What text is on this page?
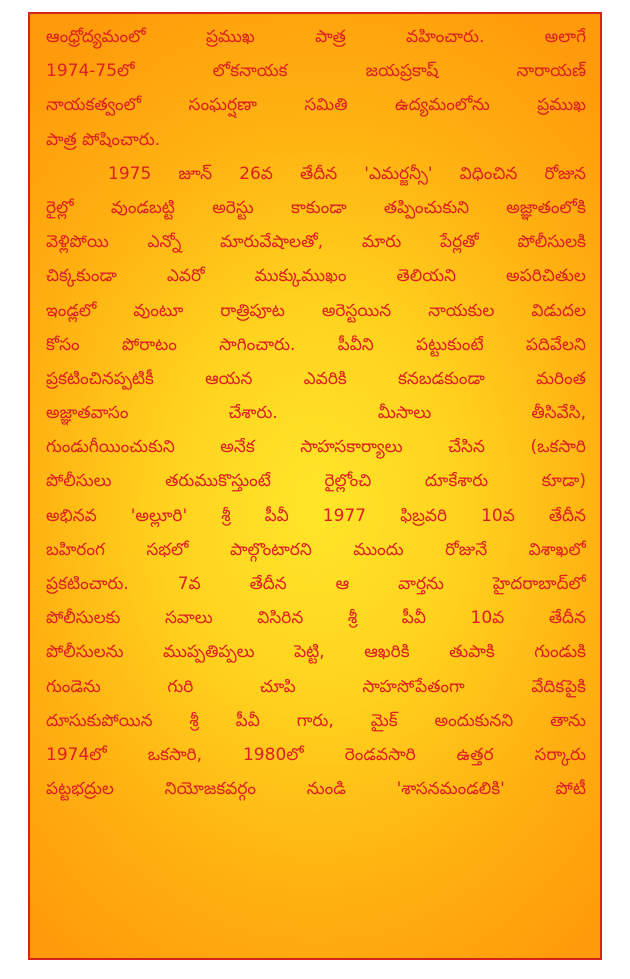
ఆంధ్రోద్యమంలో ప్రముఖ పాత్ర వహించారు. అలాగే
1974-75లో లోకనాయక జయప్రకాష్ నారాయణ్
నాయకత్వంలో సంఘర్షణా సమితి ఉద్యమంలోను ప్రముఖ
పాత్ర పోషించారు.
1975 జూన్ 26వ తేదీన 'ఎమర్జన్సీ' విధించిన రోజున
రైల్లో వుండబట్టి అరెస్టు కాకుండా తప్పించుకుని అజ్ఞాతంలోకి
వెళ్లిపోయి ఎన్నో మారువేషాలతో, మారు పేర్లతో పోలీసులకి
చిక్కకుండా ఎవరో ముక్కుముఖం తెలియని అపరిచితుల
ఇండ్లలో వుంటూ రాత్రిపూట అరెస్టయిన నాయకుల విడుదల
కోసం పోరాటం సాగించారు. పీవీని పట్టుకుంటే పదివేలని
ప్రకటించినప్పటికీ ఆయన ఎవరికి కనబడకుండా మరింత
అజ్ఞాతవాసం చేశారు. మీసాలు తీసివేసి,
గుండుగీయించుకుని అనేక సాహసకార్యాలు చేసిన (ఒకసారి
పోలీసులు తరుముకొస్తుంటే రైల్లోంచి దూకేశారు కూడా)
అభినవ 'అల్లూరి' శ్రీ పీవీ 1977 ఫిబ్రవరి 10వ తేదీన
బహిరంగ సభలో పాల్గొంటారని ముందు రోజునే విశాఖలో
ప్రకటించారు. 7వ తేదీన ఆ వార్తను హైదరాబాద్‌లో
పోలీసులకు సవాలు విసిరిన శ్రీ పీవీ 10వ తేదీన
పోలీసులను ముప్పతిప్పలు పెట్టి, ఆఖరికి తుపాకి గుండుకి
గుండెను గురి చూపి సాహసోపేతంగా వేదికపైకి
దూసుకుపోయిన శ్రీ పీవీ గారు, మైక్ అందుకునని తాను
1974లో ఒకసారి, 1980లో రెండవసారి ఉత్తర సర్కారు
పట్టభద్రుల నియోజకవర్గం నుండి 'శాసనమండలికి' పోటీ
